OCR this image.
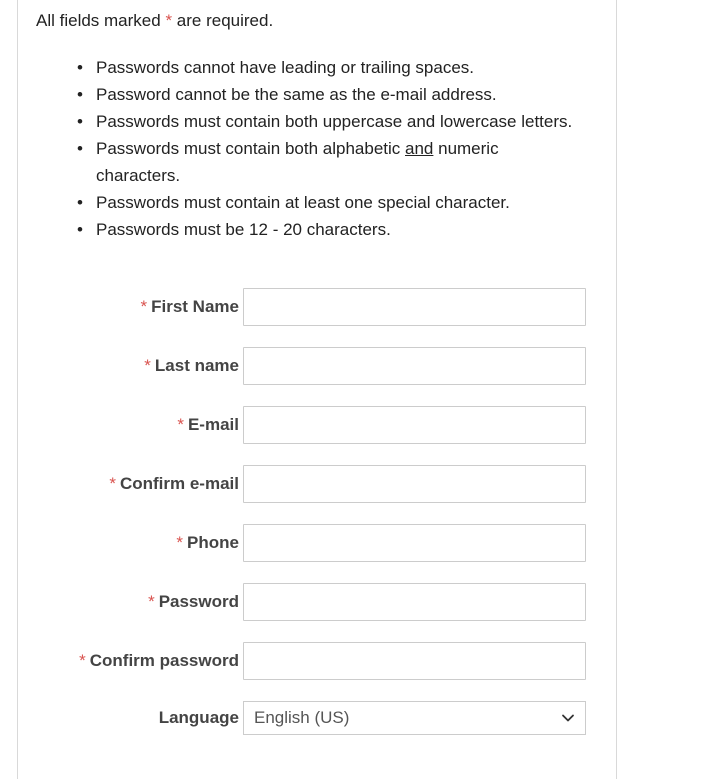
All fields marked * are required.
• Passwords cannot have leading or trailing spaces.
• Password cannot be the same as the e-mail address.
• Passwords must contain both uppercase and lowercase letters.
• Passwords must contain both alphabetic and numeric
characters.
• Passwords must contain at least one special character.
• Passwords must be 12 - 20 characters.
* First Name
* Last name
* E-mail
* Confirm e-mail
* Phone
* Password
* Confirm password
Language English (US)
